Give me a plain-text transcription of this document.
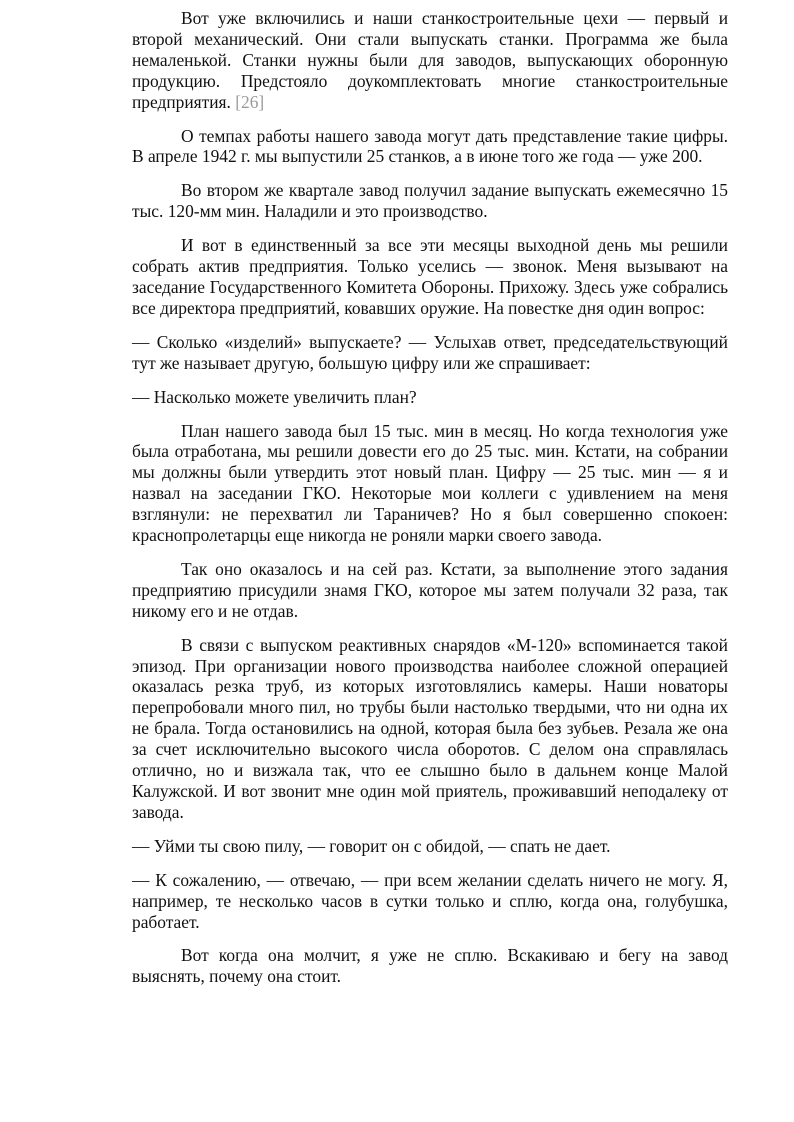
Вот уже включились и наши станкостроительные цехи — первый и второй механический. Они стали выпускать станки. Программа же была немаленькой. Станки нужны были для заводов, выпускающих оборонную продукцию. Предстояло доукомплектовать многие станкостроительные предприятия. [26]

О темпах работы нашего завода могут дать представление такие цифры. В апреле 1942 г. мы выпустили 25 станков, а в июне того же года — уже 200.

Во втором же квартале завод получил задание выпускать ежемесячно 15 тыс. 120-мм мин. Наладили и это производство.

И вот в единственный за все эти месяцы выходной день мы решили собрать актив предприятия. Только уселись — звонок. Меня вызывают на заседание Государственного Комитета Обороны. Прихожу. Здесь уже собрались все директора предприятий, ковавших оружие. На повестке дня один вопрос:

— Сколько «изделий» выпускаете? — Услыхав ответ, председательствующий тут же называет другую, большую цифру или же спрашивает:

— Насколько можете увеличить план?

План нашего завода был 15 тыс. мин в месяц. Но когда технология уже была отработана, мы решили довести его до 25 тыс. мин. Кстати, на собрании мы должны были утвердить этот новый план. Цифру — 25 тыс. мин — я и назвал на заседании ГКО. Некоторые мои коллеги с удивлением на меня взглянули: не перехватил ли Тараничев? Но я был совершенно спокоен: краснопролетарцы еще никогда не роняли марки своего завода.

Так оно оказалось и на сей раз. Кстати, за выполнение этого задания предприятию присудили знамя ГКО, которое мы затем получали 32 раза, так никому его и не отдав.

В связи с выпуском реактивных снарядов «М-120» вспоминается такой эпизод. При организации нового производства наиболее сложной операцией оказалась резка труб, из которых изготовлялись камеры. Наши новаторы перепробовали много пил, но трубы были настолько твердыми, что ни одна их не брала. Тогда остановились на одной, которая была без зубьев. Резала же она за счет исключительно высокого числа оборотов. С делом она справлялась отлично, но и визжала так, что ее слышно было в дальнем конце Малой Калужской. И вот звонит мне один мой приятель, проживавший неподалеку от завода.

— Уйми ты свою пилу, — говорит он с обидой, — спать не дает.

— К сожалению, — отвечаю, — при всем желании сделать ничего не могу. Я, например, те несколько часов в сутки только и сплю, когда она, голубушка, работает.

Вот когда она молчит, я уже не сплю. Вскакиваю и бегу на завод выяснять, почему она стоит.
